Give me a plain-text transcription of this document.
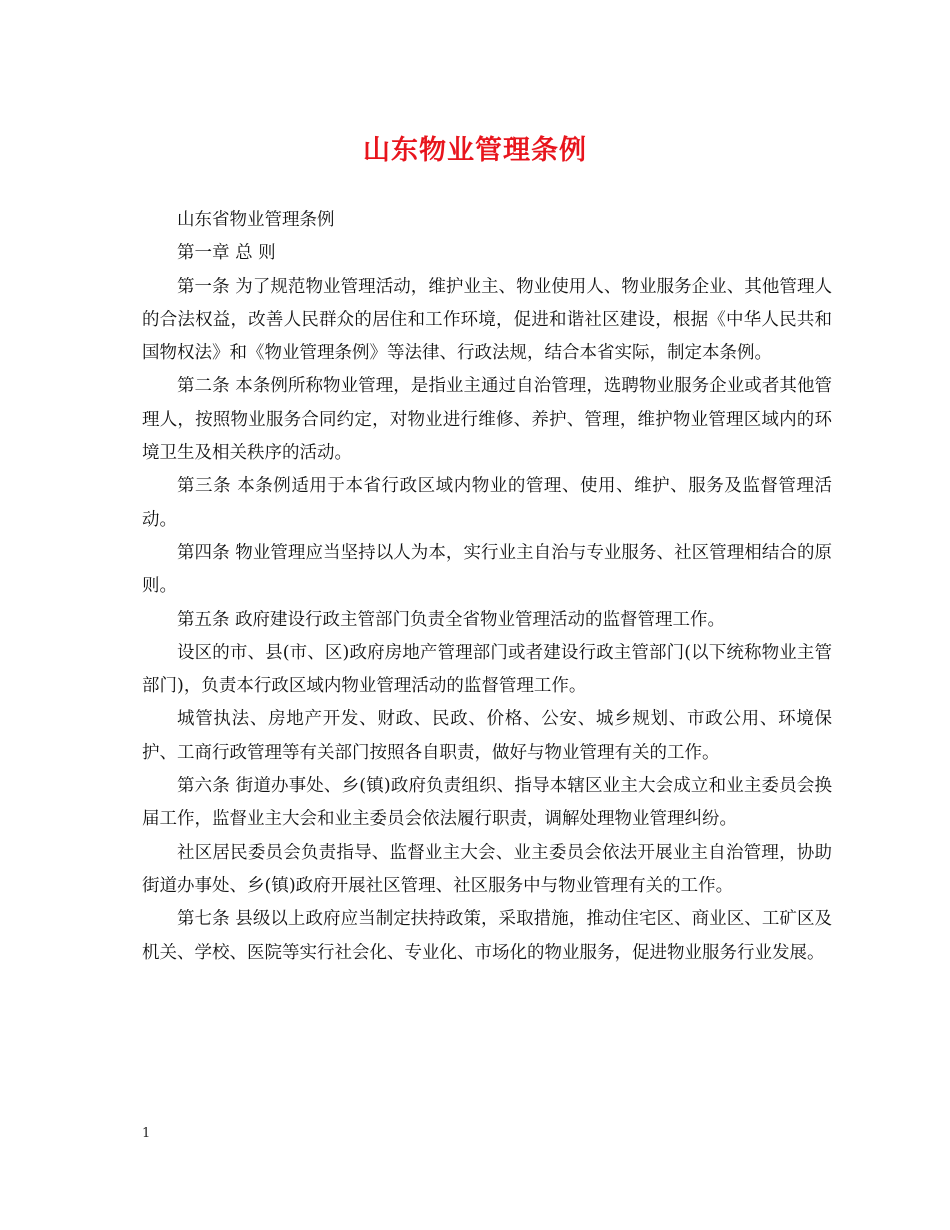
山东物业管理条例

山东省物业管理条例

第一章 总 则

第一条 为了规范物业管理活动，维护业主、物业使用人、物业服务企业、其他管理人的合法权益，改善人民群众的居住和工作环境，促进和谐社区建设，根据《中华人民共和国物权法》和《物业管理条例》等法律、行政法规，结合本省实际，制定本条例。

第二条 本条例所称物业管理，是指业主通过自治管理，选聘物业服务企业或者其他管理人，按照物业服务合同约定，对物业进行维修、养护、管理，维护物业管理区域内的环境卫生及相关秩序的活动。

第三条 本条例适用于本省行政区域内物业的管理、使用、维护、服务及监督管理活动。

第四条 物业管理应当坚持以人为本，实行业主自治与专业服务、社区管理相结合的原则。

第五条 政府建设行政主管部门负责全省物业管理活动的监督管理工作。

设区的市、县(市、区)政府房地产管理部门或者建设行政主管部门(以下统称物业主管部门)，负责本行政区域内物业管理活动的监督管理工作。

城管执法、房地产开发、财政、民政、价格、公安、城乡规划、市政公用、环境保护、工商行政管理等有关部门按照各自职责，做好与物业管理有关的工作。

第六条 街道办事处、乡(镇)政府负责组织、指导本辖区业主大会成立和业主委员会换届工作，监督业主大会和业主委员会依法履行职责，调解处理物业管理纠纷。

社区居民委员会负责指导、监督业主大会、业主委员会依法开展业主自治管理，协助街道办事处、乡(镇)政府开展社区管理、社区服务中与物业管理有关的工作。

第七条 县级以上政府应当制定扶持政策，采取措施，推动住宅区、商业区、工矿区及机关、学校、医院等实行社会化、专业化、市场化的物业服务，促进物业服务行业发展。

1
